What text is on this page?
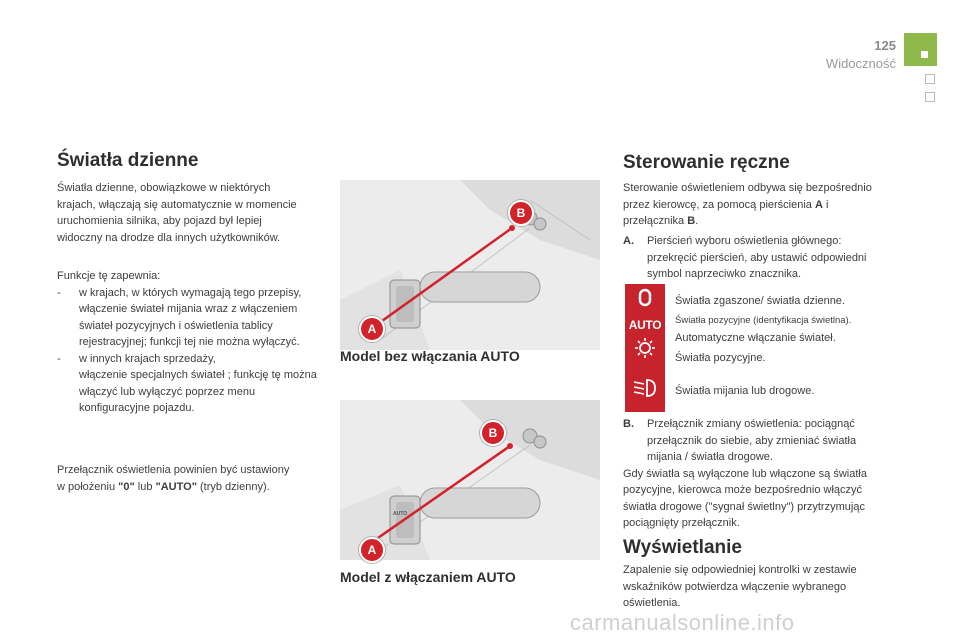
125
Widoczność
Światła dzienne

Światła dzienne, obowiązkowe w niektórych krajach, włączają się automatycznie w momencie uruchomienia silnika, aby pojazd był lepiej widoczny na drodze dla innych użytkowników.

Funkcje tę zapewnia:

- w krajach, w których wymagają tego przepisy,
włączenie świateł mijania wraz z włączeniem świateł pozycyjnych i oświetlenia tablicy rejestracyjnej; funkcji tej nie można wyłączyć.
- w innych krajach sprzedaży,
włączenie specjalnych świateł ; funkcję tę można włączyć lub wyłączyć poprzez menu konfiguracyjne pojazdu.

Przełącznik oświetlenia powinien być ustawiony w położeniu "0" lub "AUTO" (tryb dzienny).

B
A
Model bez włączania AUTO
AUTO
B
A
Model z włączaniem AUTO
Sterowanie ręczne

Sterowanie oświetleniem odbywa się bezpośrednio przez kierowcę, za pomocą pierścienia A i przełącznika B.

A. Pierścień wyboru oświetlenia głównego: przekręcić pierścień, aby ustawić odpowiedni symbol naprzeciwko znacznika.
AUTO
Światła zgaszone/ światła dzienne.
Światła pozycyjne (identyfikacja świetlna).
Automatyczne włączanie świateł.
Światła pozycyjne.
Światła mijania lub drogowe.
B. Przełącznik zmiany oświetlenia: pociągnąć przełącznik do siebie, aby zmieniać światła mijania / światła drogowe.

Gdy światła są wyłączone lub włączone są światła pozycyjne, kierowca może bezpośrednio włączyć światła drogowe ("sygnał świetlny") przytrzymując pociągnięty przełącznik.

Wyświetlanie

Zapalenie się odpowiedniej kontrolki w zestawie wskaźników potwierdza włączenie wybranego oświetlenia.

carmanualsonline.info
